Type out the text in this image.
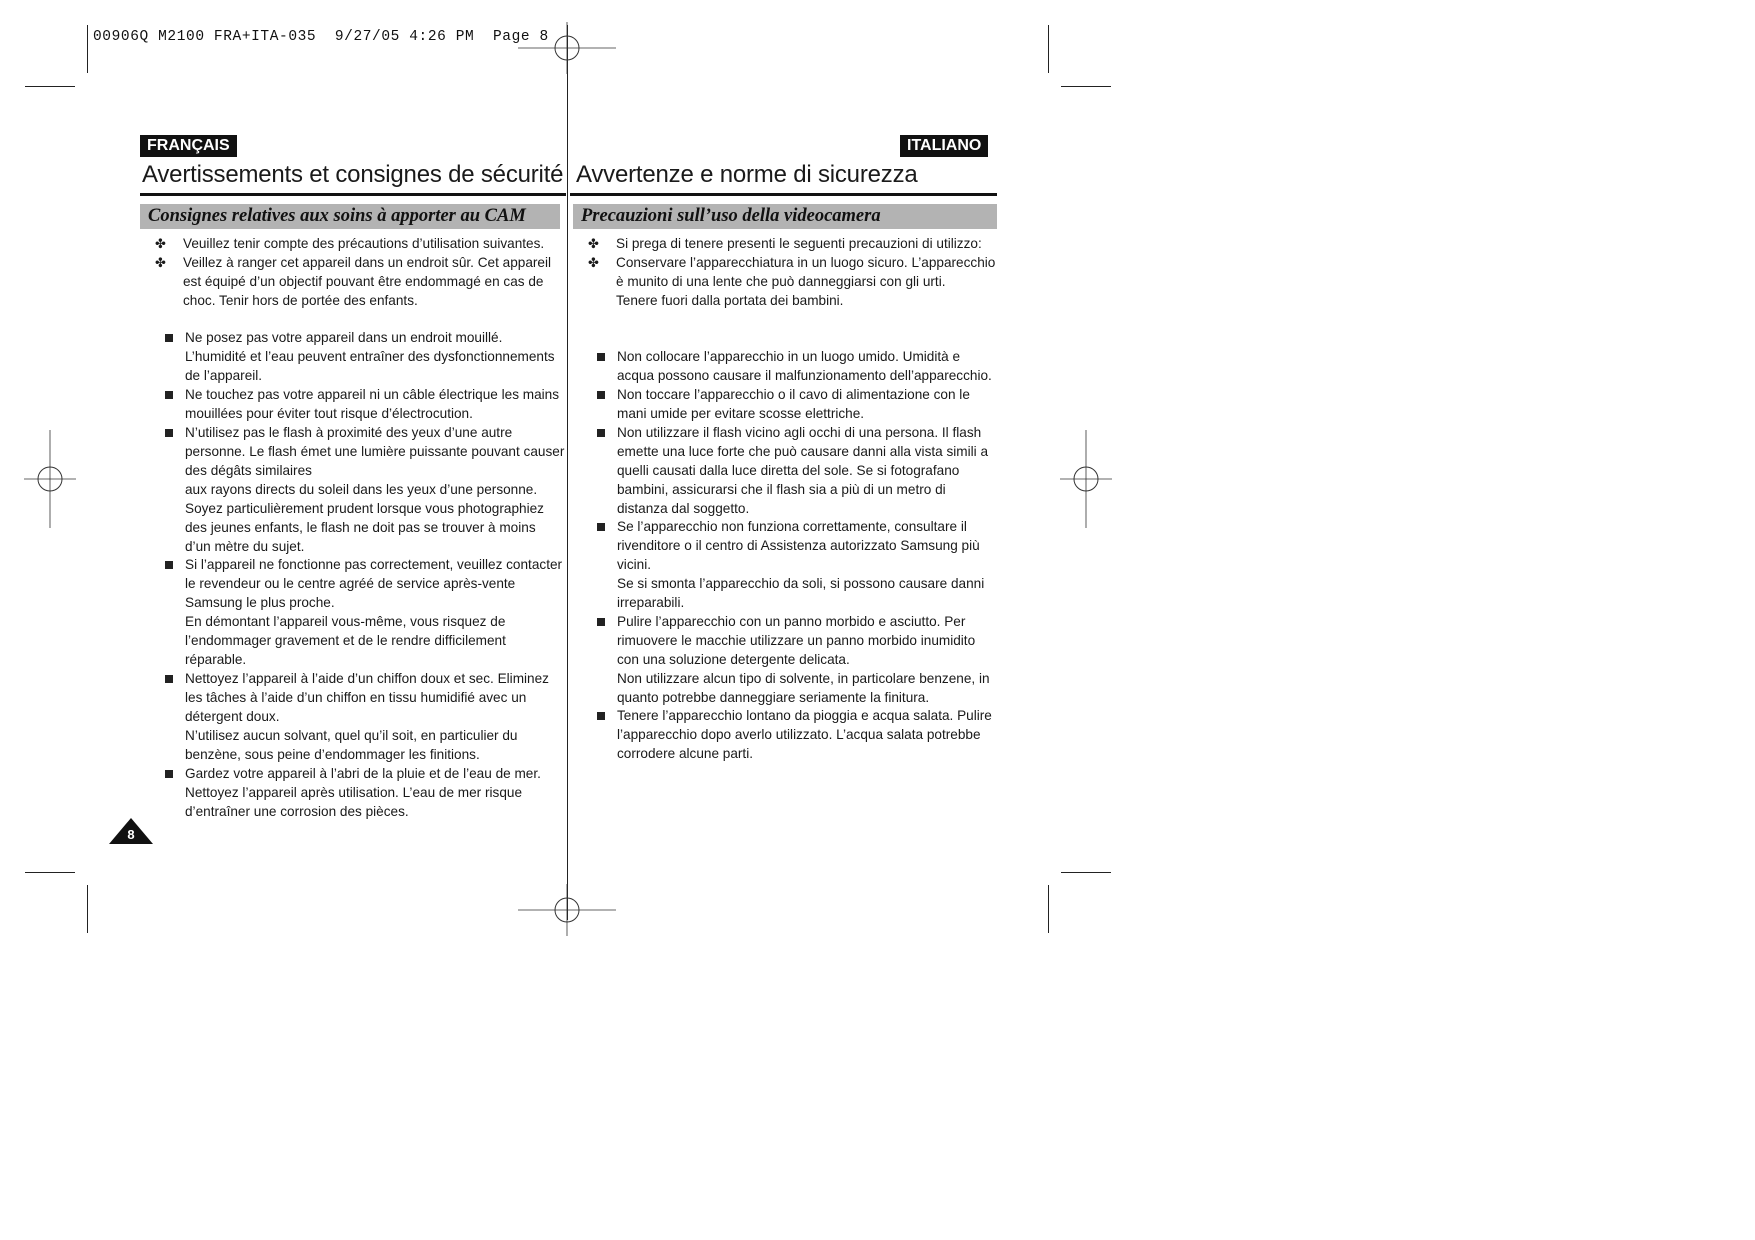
00906Q M2100 FRA+ITA-035  9/27/05 4:26 PM  Page 8
FRANÇAIS
Avertissements et consignes de sécurité
Consignes relatives aux soins à apporter au CAM
✤	Veuillez tenir compte des précautions d’utilisation suivantes.

✤	Veillez à ranger cet appareil dans un endroit sûr. Cet appareil est équipé d’un objectif pouvant être endommagé en cas de choc. Tenir hors de portée des enfants.

Ne posez pas votre appareil dans un endroit mouillé.

L’humidité et l’eau peuvent entraîner des dysfonctionnements de l’appareil.

Ne touchez pas votre appareil ni un câble électrique les mains mouillées pour éviter tout risque d’électrocution.

N’utilisez pas le flash à proximité des yeux d’une autre personne. Le flash émet une lumière puissante pouvant causer des dégâts similaires

aux rayons directs du soleil dans les yeux d’une personne. Soyez particulièrement prudent lorsque vous photographiez des jeunes enfants, le flash ne doit pas se trouver à moins d’un mètre du sujet.

Si l’appareil ne fonctionne pas correctement, veuillez contacter le revendeur ou le centre agréé de service après-vente Samsung le plus proche.

En démontant l’appareil vous-même, vous risquez de l’endommager gravement et de le rendre difficilement réparable.

Nettoyez l’appareil à l’aide d’un chiffon doux et sec. Eliminez les tâches à l’aide d’un chiffon en tissu humidifié avec un détergent doux.

N’utilisez aucun solvant, quel qu’il soit, en particulier du benzène, sous peine d’endommager les finitions.

Gardez votre appareil à l’abri de la pluie et de l’eau de mer. Nettoyez l’appareil après utilisation. L’eau de mer risque d’entraîner une corrosion des pièces.

ITALIANO
Avvertenze e norme di sicurezza
Precauzioni sull’uso della videocamera
✤	Si prega di tenere presenti le seguenti precauzioni di utilizzo:

✤	Conservare l’apparecchiatura in un luogo sicuro. L’apparecchio è munito di una lente che può danneggiarsi con gli urti.

Tenere fuori dalla portata dei bambini.

Non collocare l’apparecchio in un luogo umido. Umidità e acqua possono causare il malfunzionamento dell’apparecchio.

Non toccare l’apparecchio o il cavo di alimentazione con le mani umide per evitare scosse elettriche.

Non utilizzare il flash vicino agli occhi di una persona. Il flash emette una luce forte che può causare danni alla vista simili a quelli causati dalla luce diretta del sole. Se si fotografano bambini, assicurarsi che il flash sia a più di un metro di distanza dal soggetto.

Se l’apparecchio non funziona correttamente, consultare il rivenditore o il centro di Assistenza autorizzato Samsung più vicini.

Se si smonta l’apparecchio da soli, si possono causare danni irreparabili.

Pulire l’apparecchio con un panno morbido e asciutto. Per rimuovere le macchie utilizzare un panno morbido inumidito con una soluzione detergente delicata.

Non utilizzare alcun tipo di solvente, in particolare benzene, in quanto potrebbe danneggiare seriamente la finitura.

Tenere l’apparecchio lontano da pioggia e acqua salata. Pulire l’apparecchio dopo averlo utilizzato. L’acqua salata potrebbe corrodere alcune parti.

8
